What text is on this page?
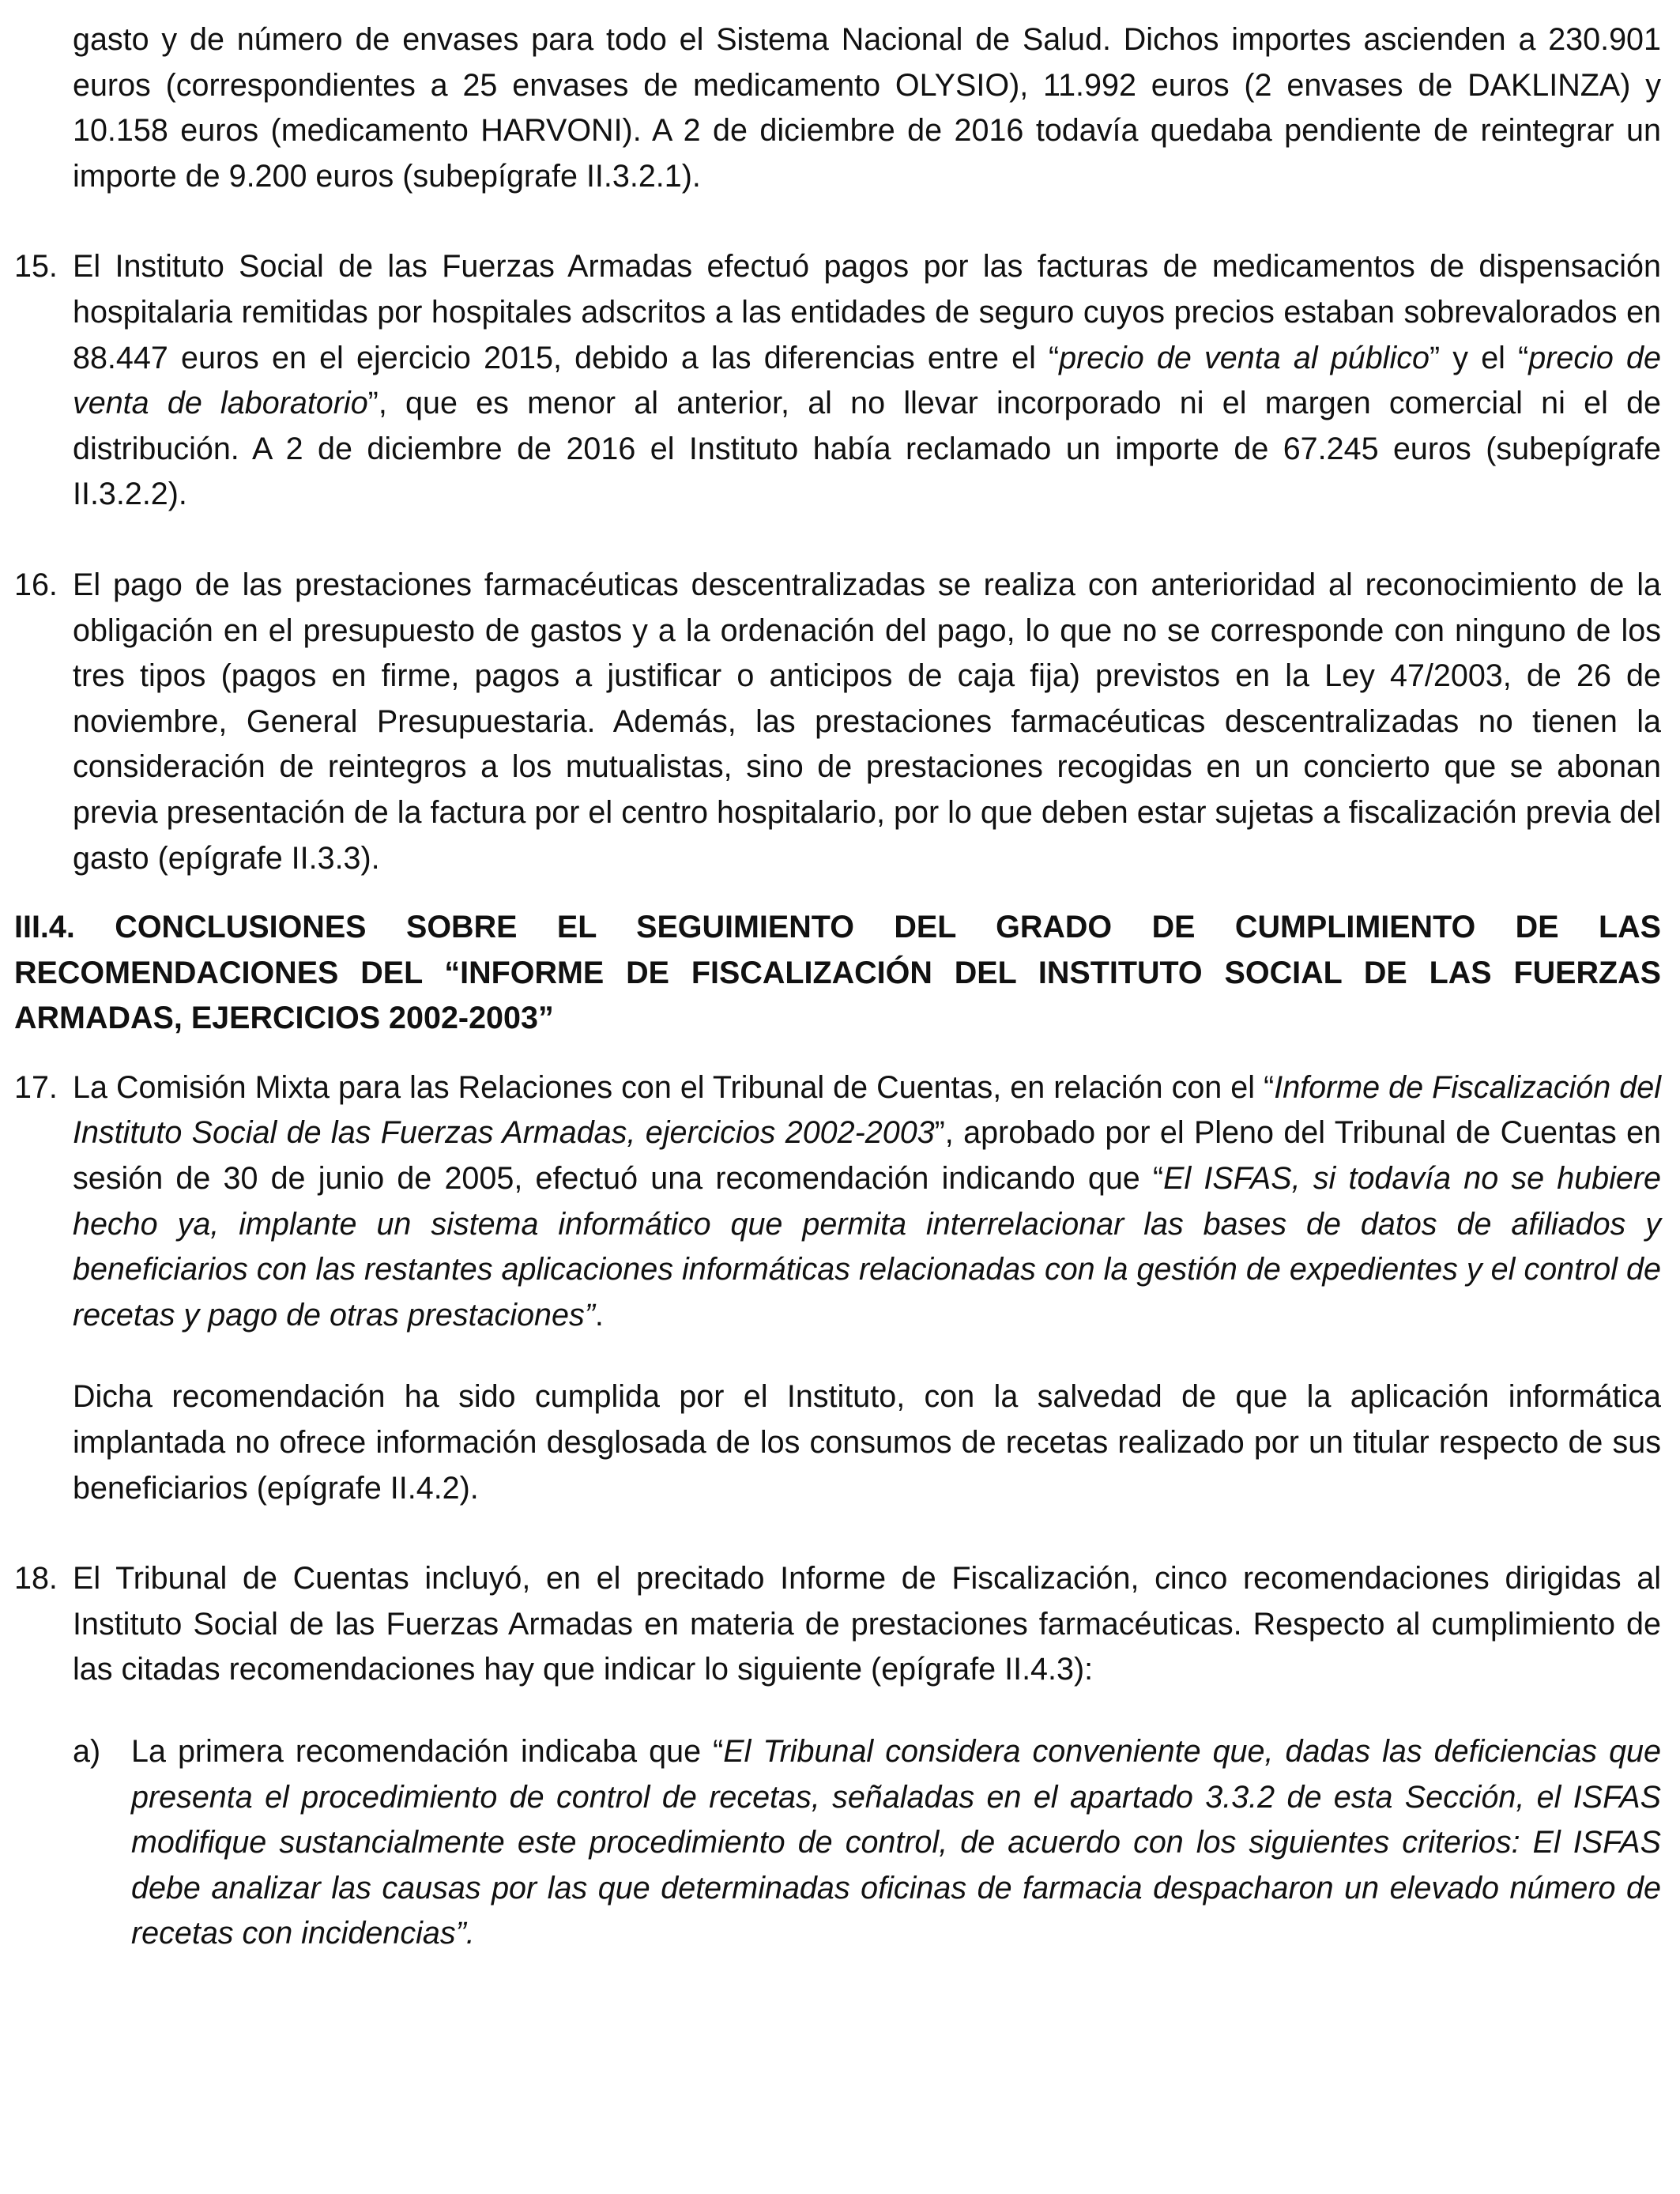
gasto y de número de envases para todo el Sistema Nacional de Salud. Dichos importes ascienden a 230.901 euros (correspondientes a 25 envases de medicamento OLYSIO), 11.992 euros (2 envases de DAKLINZA) y 10.158 euros (medicamento HARVONI). A 2 de diciembre de 2016 todavía quedaba pendiente de reintegrar un importe de 9.200 euros (subepígrafe II.3.2.1).

15. El Instituto Social de las Fuerzas Armadas efectuó pagos por las facturas de medicamentos de dispensación hospitalaria remitidas por hospitales adscritos a las entidades de seguro cuyos precios estaban sobrevalorados en 88.447 euros en el ejercicio 2015, debido a las diferencias entre el “precio de venta al público” y el “precio de venta de laboratorio”, que es menor al anterior, al no llevar incorporado ni el margen comercial ni el de distribución. A 2 de diciembre de 2016 el Instituto había reclamado un importe de 67.245 euros (subepígrafe II.3.2.2).

16. El pago de las prestaciones farmacéuticas descentralizadas se realiza con anterioridad al reconocimiento de la obligación en el presupuesto de gastos y a la ordenación del pago, lo que no se corresponde con ninguno de los tres tipos (pagos en firme, pagos a justificar o anticipos de caja fija) previstos en la Ley 47/2003, de 26 de noviembre, General Presupuestaria. Además, las prestaciones farmacéuticas descentralizadas no tienen la consideración de reintegros a los mutualistas, sino de prestaciones recogidas en un concierto que se abonan previa presentación de la factura por el centro hospitalario, por lo que deben estar sujetas a fiscalización previa del gasto (epígrafe II.3.3).

III.4. CONCLUSIONES SOBRE EL SEGUIMIENTO DEL GRADO DE CUMPLIMIENTO DE LAS RECOMENDACIONES DEL “INFORME DE FISCALIZACIÓN DEL INSTITUTO SOCIAL DE LAS FUERZAS ARMADAS, EJERCICIOS 2002-2003”

17. La Comisión Mixta para las Relaciones con el Tribunal de Cuentas, en relación con el “Informe de Fiscalización del Instituto Social de las Fuerzas Armadas, ejercicios 2002-2003”, aprobado por el Pleno del Tribunal de Cuentas en sesión de 30 de junio de 2005, efectuó una recomendación indicando que “El ISFAS, si todavía no se hubiere hecho ya, implante un sistema informático que permita interrelacionar las bases de datos de afiliados y beneficiarios con las restantes aplicaciones informáticas relacionadas con la gestión de expedientes y el control de recetas y pago de otras prestaciones”.

Dicha recomendación ha sido cumplida por el Instituto, con la salvedad de que la aplicación informática implantada no ofrece información desglosada de los consumos de recetas realizado por un titular respecto de sus beneficiarios (epígrafe II.4.2).

18. El Tribunal de Cuentas incluyó, en el precitado Informe de Fiscalización, cinco recomendaciones dirigidas al Instituto Social de las Fuerzas Armadas en materia de prestaciones farmacéuticas. Respecto al cumplimiento de las citadas recomendaciones hay que indicar lo siguiente (epígrafe II.4.3):

a) La primera recomendación indicaba que “El Tribunal considera conveniente que, dadas las deficiencias que presenta el procedimiento de control de recetas, señaladas en el apartado 3.3.2 de esta Sección, el ISFAS modifique sustancialmente este procedimiento de control, de acuerdo con los siguientes criterios: El ISFAS debe analizar las causas por las que determinadas oficinas de farmacia despacharon un elevado número de recetas con incidencias”.
